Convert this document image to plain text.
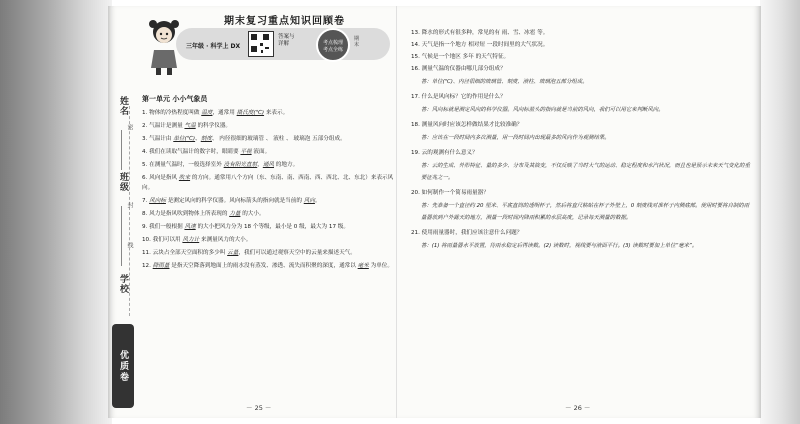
姓名
班级
学校
密
封
线
优质卷
期末复习重点知识回顾卷
三年级 · 科学上 DX
答案与
详解	考点梳理
考点全练
期
末
第一单元 小小气象员
1. 物体的冷热程度叫做 温度，通常用 摄氏度(℃) 来表示。
2. 气温计是测量 气温 的科学仪器。
3. 气温计由 单位(℃)、刻度、 内径很细的玻璃管 、 液柱 、 玻璃泡 五部分组成。
4. 我们在读取气温计的数字时，眼睛要 平视 液面。
5. 在测量气温时，一般选择室外 没有阳光直射，通风 的地方。
6. 风向是指风 吹来 的方向。通常用八个方向（东、东南、南、西南、西、西北、北、东北）来表示风向。
7. 风向标 是测定风向的科学仪器。风向标箭头的指向就是当前的 风向。
8. 风力是指风吹到物体上所表现的 力量 的大小。
9. 我们一般根据 风速 的大小把风力分为 18 个等级，最小是 0 级，最大为 17 级。
10. 我们可以用 风力计 来测量风力的大小。
11. 云块占全部天空面积的多少叫 云量，我们可以通过观察天空中的云量来描述天气。
12. 降雨量 是指天空降落到地面上的雨水没有蒸发、渗透、流失而积聚的深度，通常以 毫米 为单位。
－ 25 －
13. 降水的形式有很多种，常见的有 雨、雪、冰雹 等。
14. 天气是指一个地方 相对短 一段时间里的大气状况。
15. 气候是一个地区 多年 的天气特征。
16. 测量气温的仪器由哪几部分组成？
答：单位(℃)、内径很细的玻璃管、刻度、液柱、玻璃泡五部分组成。
17. 什么是风向标？它的作用是什么？
答：风向标就是测定风向的科学仪器。风向标箭头的指向就是当前的风向，我们可以用它来判断风向。
18. 测量风向时应该怎样做结果才比较准确？
答：应该在一段时间内多次测量，用一段时间内出现最多的风向作为观测结果。
19. 云的观测有什么意义？
答：云的生成、外形特征、量的多少、分布及其演变，不仅反映了当时大气的运动、稳定程度和水汽状况，而且也是预示未来天气变化的重要征兆之一。
20. 如何制作一个简易雨量器？
答：先准备一个直径约 20 厘米、平底直筒的透明杯子，然后将直尺粘贴在杯子外壁上，0 刻度线对准杯子内侧底部。使用时要将自制的雨量器放到户外露天的地方，测量一段时间内降雨积累的水层高度，记录每天测量的数据。
21. 使用雨量器时，我们应该注意什么问题？
答：(1) 将雨量器水平放置，待雨水稳定后再读数。(2) 读数时，视线要与液面平行。(3) 读数时要加上单位“毫米”。
－ 26 －
